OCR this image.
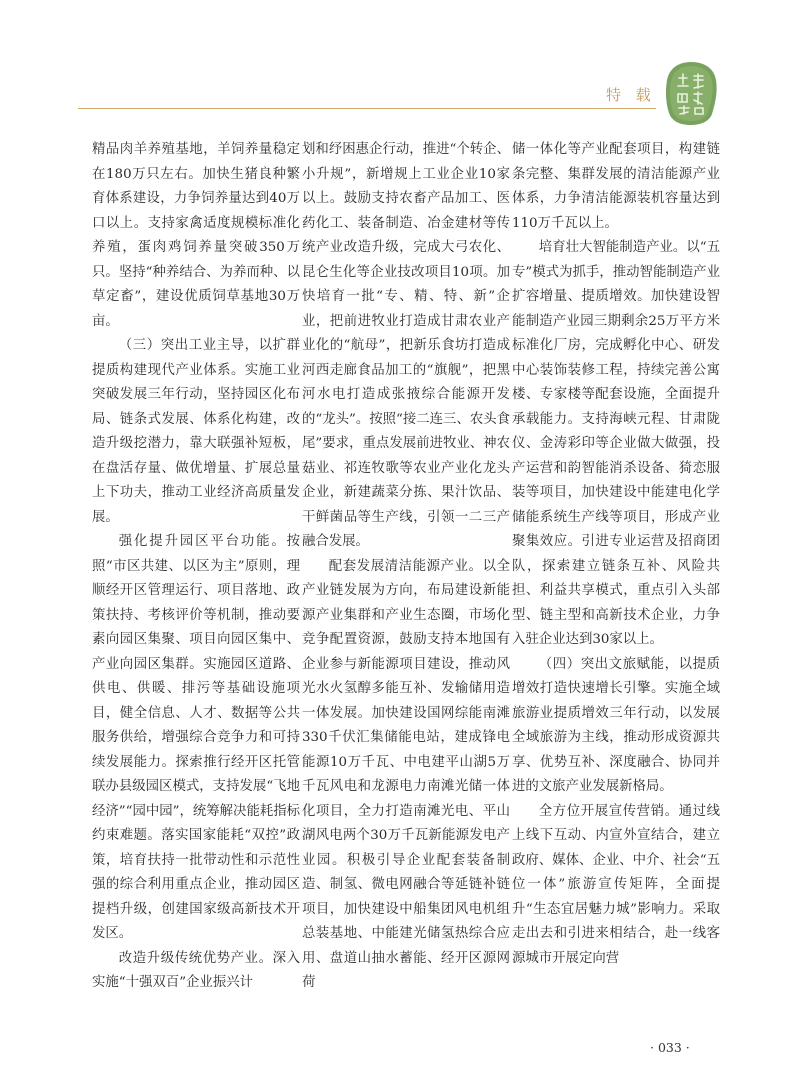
特 载

精品肉羊养殖基地，羊饲养量稳定在180万只左右。加快生猪良种繁育体系建设，力争饲养量达到40万口以上。支持家禽适度规模标准化养殖，蛋肉鸡饲养量突破350万只。坚持“种养结合、为养而种、以草定畜”，建设优质饲草基地30万亩。

（三）突出工业主导，以扩群提质构建现代产业体系。实施工业突破发展三年行动，坚持园区化布局、链条式发展、体系化构建，改造升级挖潜力，靠大联强补短板，在盘活存量、做优增量、扩展总量上下功夫，推动工业经济高质量发展。

强化提升园区平台功能。按照“市区共建、以区为主”原则，理顺经开区管理运行、项目落地、政策扶持、考核评价等机制，推动要素向园区集聚、项目向园区集中、产业向园区集群。实施园区道路、供电、供暖、排污等基础设施项目，健全信息、人才、数据等公共服务供给，增强综合竞争力和可持续发展能力。探索推行经开区托管联办县级园区模式，支持发展“飞地经济”“园中园”，统筹解决能耗指标约束难题。落实国家能耗“双控”政策，培育扶持一批带动性和示范性强的综合利用重点企业，推动园区提档升级，创建国家级高新技术开发区。

改造升级传统优势产业。深入实施“十强双百”企业振兴计

划和纾困惠企行动，推进“个转企、小升规”，新增规上工业企业10家以上。鼓励支持农畜产品加工、医药化工、装备制造、冶金建材等传统产业改造升级，完成大弓农化、昆仑生化等企业技改项目10项。加快培育一批“专、精、特、新”企业，把前进牧业打造成甘肃农业产业化的“航母”，把新乐食坊打造成河西走廊食品加工的“旗舰”，把黑河水电打造成张掖综合能源开发的“龙头”。按照“接二连三、农头食尾”要求，重点发展前进牧业、神农菇业、祁连牧歌等农业产业化龙头企业，新建蔬菜分拣、果汁饮品、干鲜菌品等生产线，引领一二三产融合发展。

配套发展清洁能源产业。以全产业链发展为方向，布局建设新能源产业集群和产业生态圈，市场化竞争配置资源，鼓励支持本地国有企业参与新能源项目建设，推动风光水火氢醇多能互补、发输储用造一体发展。加快建设国网综能南滩330千伏汇集储能电站，建成锋电能源10万千瓦、中电建平山湖5万千瓦风电和龙源电力南滩光储一体化项目，全力打造南滩光电、平山湖风电两个30万千瓦新能源发电产业园。积极引导企业配套装备制造、制氢、微电网融合等延链补链项目，加快建设中船集团风电机组总装基地、中能建光储氢热综合应用、盘道山抽水蓄能、经开区源网荷

储一体化等产业配套项目，构建链条完整、集群发展的清洁能源产业体系，力争清洁能源装机容量达到110万千瓦以上。

培育壮大智能制造产业。以“五专”模式为抓手，推动智能制造产业扩容增量、提质增效。加快建设智能制造产业园三期剩余25万平方米标准化厂房，完成孵化中心、研发中心装饰装修工程，持续完善公寓楼、专家楼等配套设施，全面提升承载能力。支持海峡元程、甘肃陇仪、金涛彩印等企业做大做强，投产运营和韵智能消杀设备、猗恋服装等项目，加快建设中能建电化学储能系统生产线等项目，形成产业聚集效应。引进专业运营及招商团队，探索建立链条互补、风险共担、利益共享模式，重点引入头部型、链主型和高新技术企业，力争入驻企业达到30家以上。

（四）突出文旅赋能，以提质增效打造快速增长引擎。实施全域旅游业提质增效三年行动，以发展全域旅游为主线，推动形成资源共享、优势互补、深度融合、协同并进的文旅产业发展新格局。

全方位开展宣传营销。通过线上线下互动、内宣外宣结合，建立政府、媒体、企业、中介、社会“五位一体”旅游宣传矩阵，全面提升“生态宜居魅力城”影响力。采取走出去和引进来相结合，赴一线客源城市开展定向营

· 033 ·
